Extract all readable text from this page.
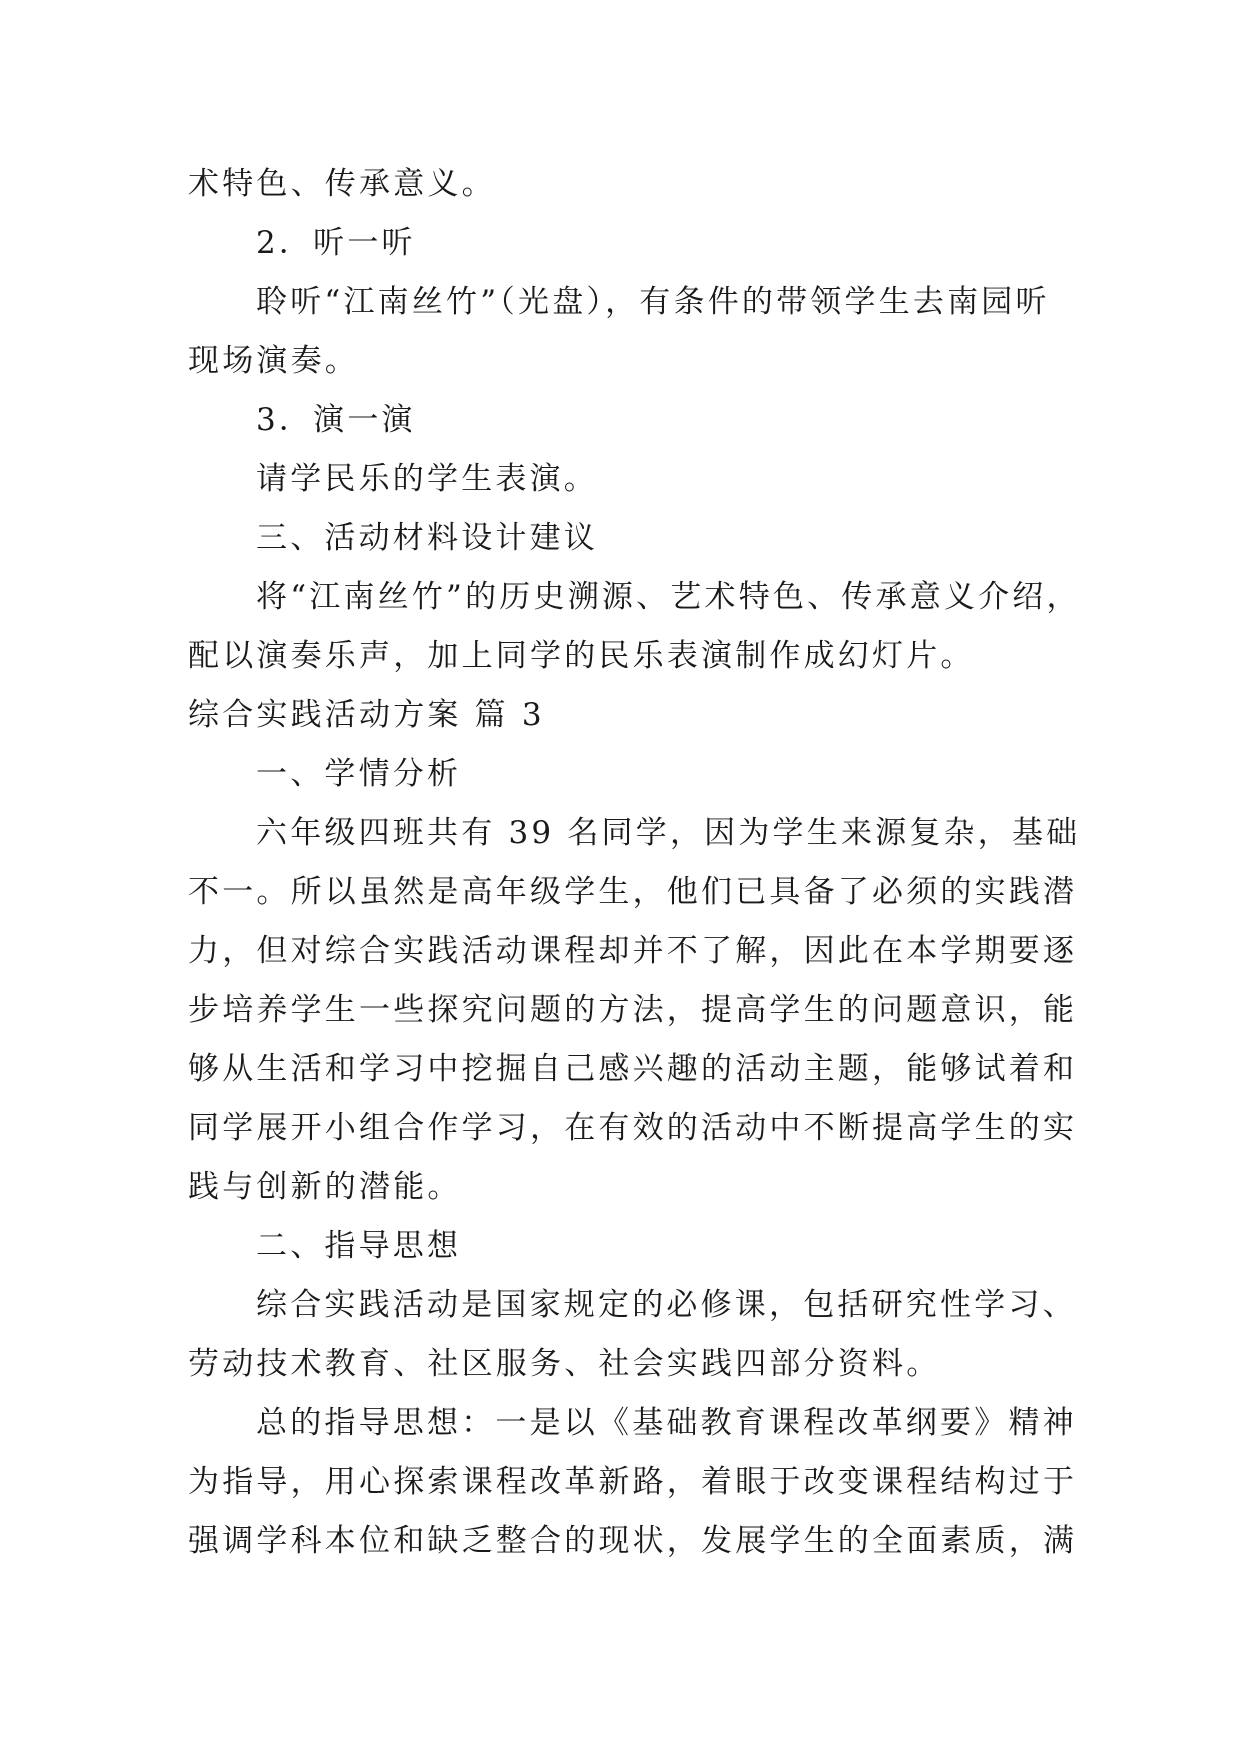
术特色、传承意义。
2．听一听
聆听“江南丝竹”（光盘），有条件的带领学生去南园听
现场演奏。
3．演一演
请学民乐的学生表演。
三、活动材料设计建议
将“江南丝竹”的历史溯源、艺术特色、传承意义介绍，
配以演奏乐声，加上同学的民乐表演制作成幻灯片。
综合实践活动方案 篇 3
一、学情分析
六年级四班共有 39 名同学，因为学生来源复杂，基础
不一。所以虽然是高年级学生，他们已具备了必须的实践潜
力，但对综合实践活动课程却并不了解，因此在本学期要逐
步培养学生一些探究问题的方法，提高学生的问题意识，能
够从生活和学习中挖掘自己感兴趣的活动主题，能够试着和
同学展开小组合作学习，在有效的活动中不断提高学生的实
践与创新的潜能。
二、指导思想
综合实践活动是国家规定的必修课，包括研究性学习、
劳动技术教育、社区服务、社会实践四部分资料。
总的指导思想：一是以《基础教育课程改革纲要》精神
为指导，用心探索课程改革新路，着眼于改变课程结构过于
强调学科本位和缺乏整合的现状，发展学生的全面素质，满
